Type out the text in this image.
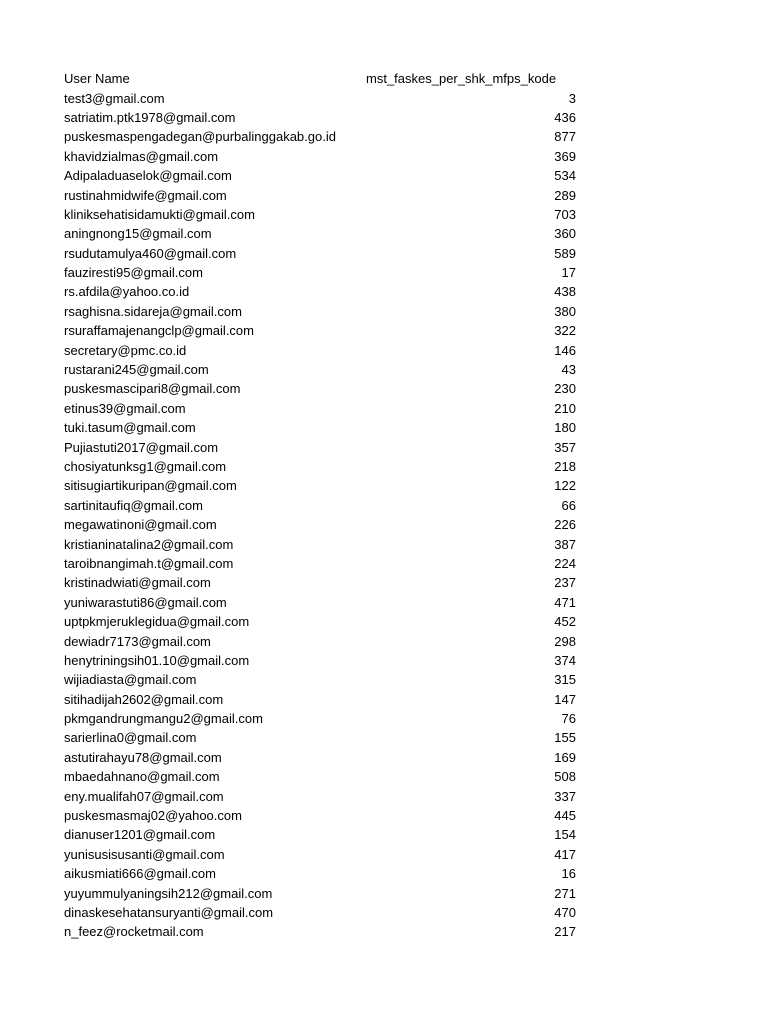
User Name	mst_faskes_per_shk_mfps_kode
test3@gmail.com	3
satriatim.ptk1978@gmail.com	436
puskesmaspengadegan@purbalinggakab.go.id	877
khavidzialmas@gmail.com	369
Adipaladuaselok@gmail.com	534
rustinahmidwife@gmail.com	289
kliniksehatisidamukti@gmail.com	703
aningnong15@gmail.com	360
rsudutamulya460@gmail.com	589
fauziresti95@gmail.com	17
rs.afdila@yahoo.co.id	438
rsaghisna.sidareja@gmail.com	380
rsuraffamajenangclp@gmail.com	322
secretary@pmc.co.id	146
rustarani245@gmail.com	43
puskesmascipari8@gmail.com	230
etinus39@gmail.com	210
tuki.tasum@gmail.com	180
Pujiastuti2017@gmail.com	357
chosiyatunksg1@gmail.com	218
sitisugiartikuripan@gmail.com	122
sartinitaufiq@gmail.com	66
megawatinoni@gmail.com	226
kristianinatalina2@gmail.com	387
taroibnangimah.t@gmail.com	224
kristinadwiati@gmail.com	237
yuniwarastuti86@gmail.com	471
uptpkmjeruklegidua@gmail.com	452
dewiadr7173@gmail.com	298
henytriningsih01.10@gmail.com	374
wijiadiasta@gmail.com	315
sitihadijah2602@gmail.com	147
pkmgandrungmangu2@gmail.com	76
sarierlina0@gmail.com	155
astutirahayu78@gmail.com	169
mbaedahnano@gmail.com	508
eny.mualifah07@gmail.com	337
puskesmasmaj02@yahoo.com	445
dianuser1201@gmail.com	154
yunisusisusanti@gmail.com	417
aikusmiati666@gmail.com	16
yuyummulyaningsih212@gmail.com	271
dinaskesehatansuryanti@gmail.com	470
n_feez@rocketmail.com	217
